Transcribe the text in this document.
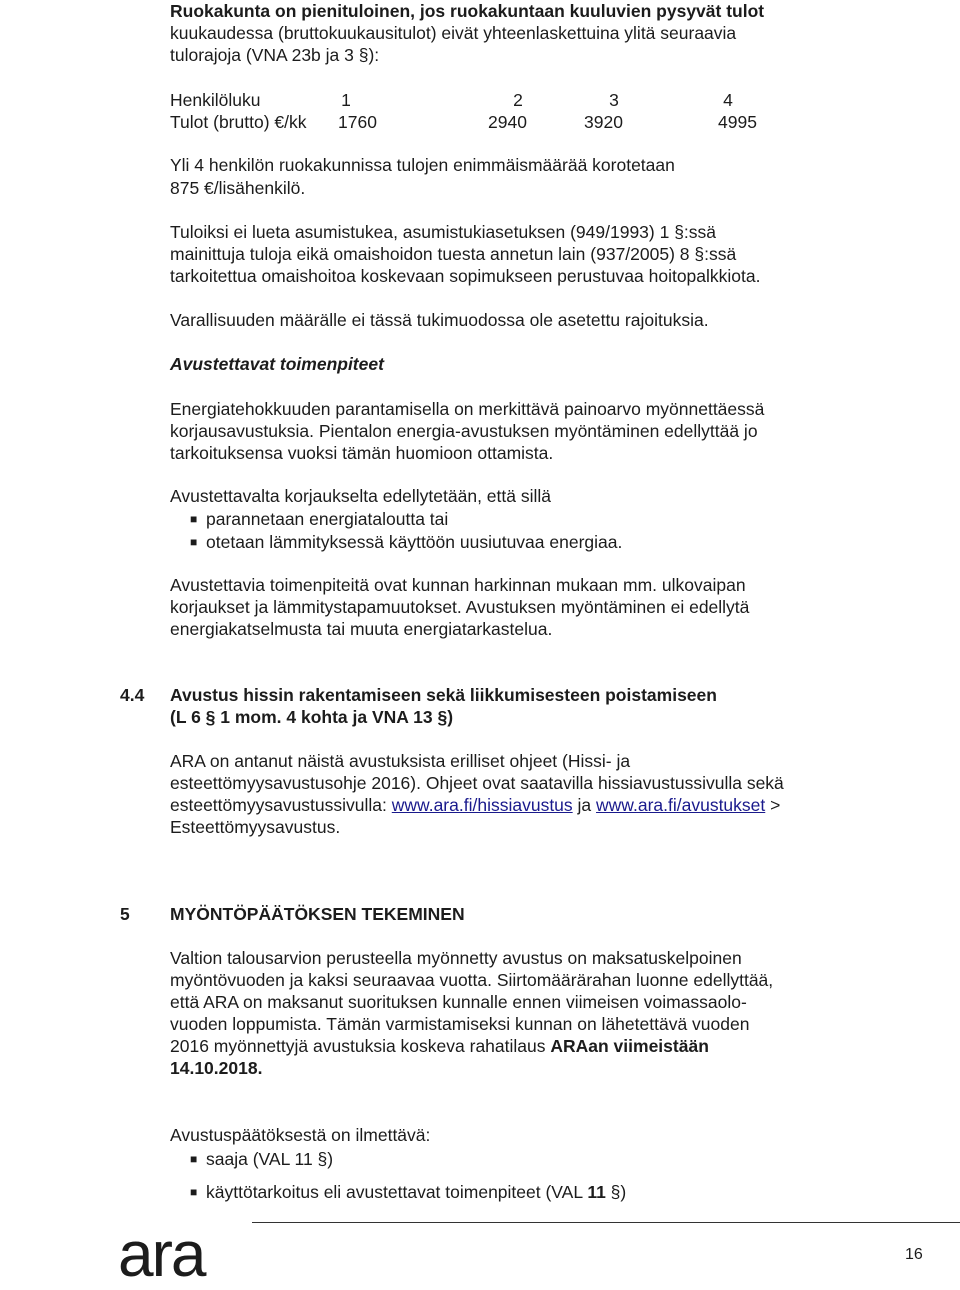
Ruokakunta on pienituloinen, jos ruokakuntaan kuuluvien pysyvät tulot
kuukaudessa (bruttokuukausitulot) eivät yhteenlaskettuina ylitä seuraavia
tulorajoja (VNA 23b ja 3 §):
Henkilöluku	1	2	3	4
Tulot (brutto) €/kk 1760	2940	3920	4995
Yli 4 henkilön ruokakunnissa tulojen enimmäismäärää korotetaan
875 €/lisähenkilö.
Tuloiksi ei lueta asumistukea, asumistukiasetuksen (949/1993) 1 §:ssä
mainittuja tuloja eikä omaishoidon tuesta annetun lain (937/2005) 8 §:ssä
tarkoitettua omaishoitoa koskevaan sopimukseen perustuvaa hoitopalkkiota.
Varallisuuden määrälle ei tässä tukimuodossa ole asetettu rajoituksia.
Avustettavat toimenpiteet
Energiatehokkuuden parantamisella on merkittävä painoarvo myönnettäessä
korjausavustuksia. Pientalon energia-avustuksen myöntäminen edellyttää jo
tarkoituksensa vuoksi tämän huomioon ottamista.
Avustettavalta korjaukselta edellytetään, että sillä
■ parannetaan energiataloutta tai
■ otetaan lämmityksessä käyttöön uusiutuvaa energiaa.
Avustettavia toimenpiteitä ovat kunnan harkinnan mukaan mm. ulkovaipan
korjaukset ja lämmitystapamuutokset. Avustuksen myöntäminen ei edellytä
energiakatselmusta tai muuta energiatarkastelua.
4.4 Avustus hissin rakentamiseen sekä liikkumisesteen poistamiseen
(L 6 § 1 mom. 4 kohta ja VNA 13 §)
ARA on antanut näistä avustuksista erilliset ohjeet (Hissi- ja
esteettömyysavustusohje 2016). Ohjeet ovat saatavilla hissiavustussivulla sekä
esteettömyysavustussivulla: www.ara.fi/hissiavustus ja www.ara.fi/avustukset >
Esteettömyysavustus.
5 MYÖNTÖPÄÄTÖKSEN TEKEMINEN
Valtion talousarvion perusteella myönnetty avustus on maksatuskelpoinen
myöntövuoden ja kaksi seuraavaa vuotta. Siirtomäärärahan luonne edellyttää,
että ARA on maksanut suorituksen kunnalle ennen viimeisen voimassaolo-
vuoden loppumista. Tämän varmistamiseksi kunnan on lähetettävä vuoden
2016 myönnettyjä avustuksia koskeva rahatilaus ARAan viimeistään
14.10.2018.
Avustuspäätöksestä on ilmettävä:
■ saaja (VAL 11 §)
■ käyttötarkoitus eli avustettavat toimenpiteet (VAL 11 §)
ara	16
